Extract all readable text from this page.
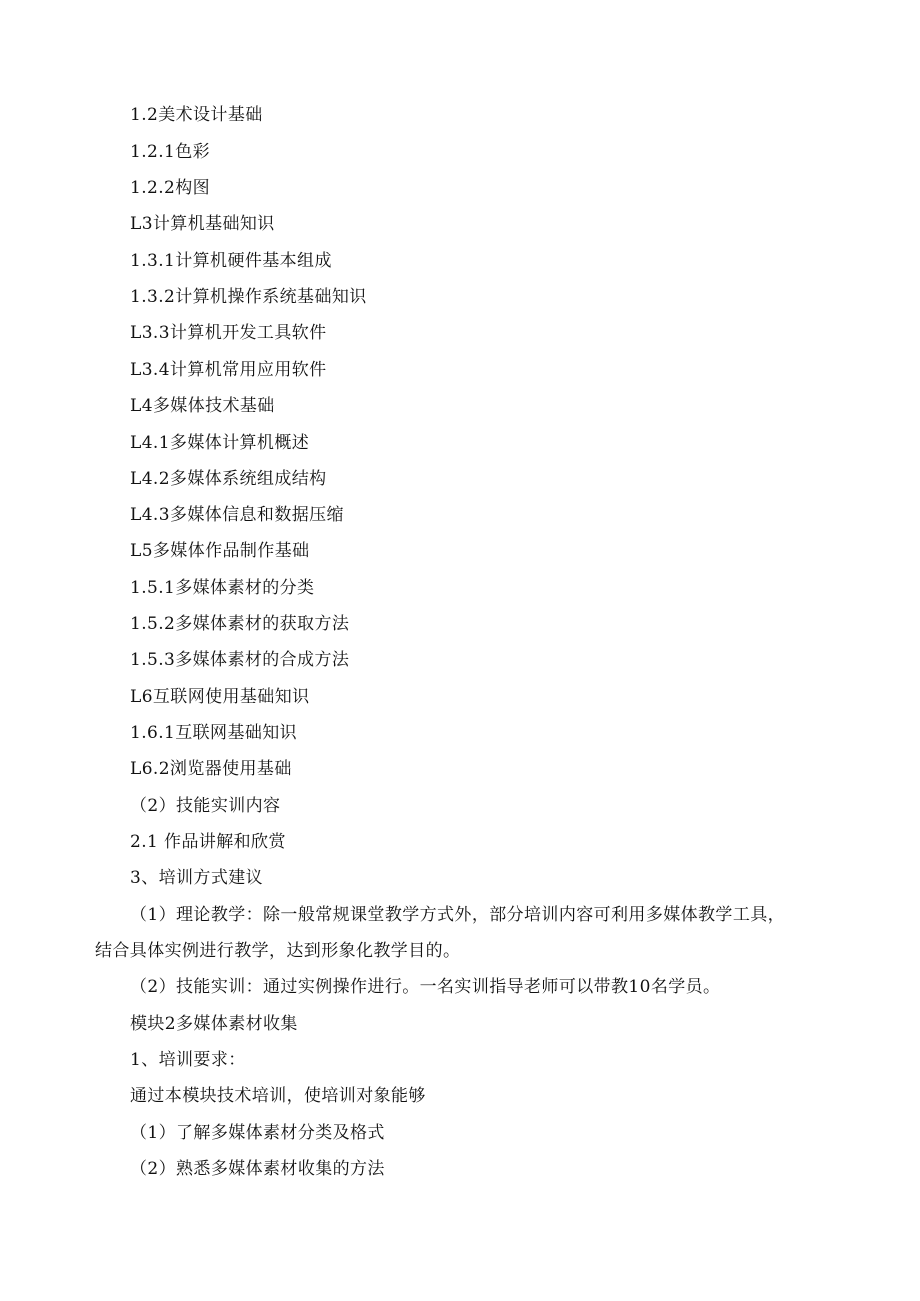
1.2美术设计基础
1.2.1色彩
1.2.2构图
L3计算机基础知识
1.3.1计算机硬件基本组成
1.3.2计算机操作系统基础知识
L3.3计算机开发工具软件
L3.4计算机常用应用软件
L4多媒体技术基础
L4.1多媒体计算机概述
L4.2多媒体系统组成结构
L4.3多媒体信息和数据压缩
L5多媒体作品制作基础
1.5.1多媒体素材的分类
1.5.2多媒体素材的获取方法
1.5.3多媒体素材的合成方法
L6互联网使用基础知识
1.6.1互联网基础知识
L6.2浏览器使用基础
（2）技能实训内容
2.1 作品讲解和欣赏
3、培训方式建议
（1）理论教学：除一般常规课堂教学方式外，部分培训内容可利用多媒体教学工具，
结合具体实例进行教学，达到形象化教学目的。
（2）技能实训：通过实例操作进行。一名实训指导老师可以带教10名学员。
模块2多媒体素材收集
1、培训要求：
通过本模块技术培训，使培训对象能够
（1）了解多媒体素材分类及格式
（2）熟悉多媒体素材收集的方法
